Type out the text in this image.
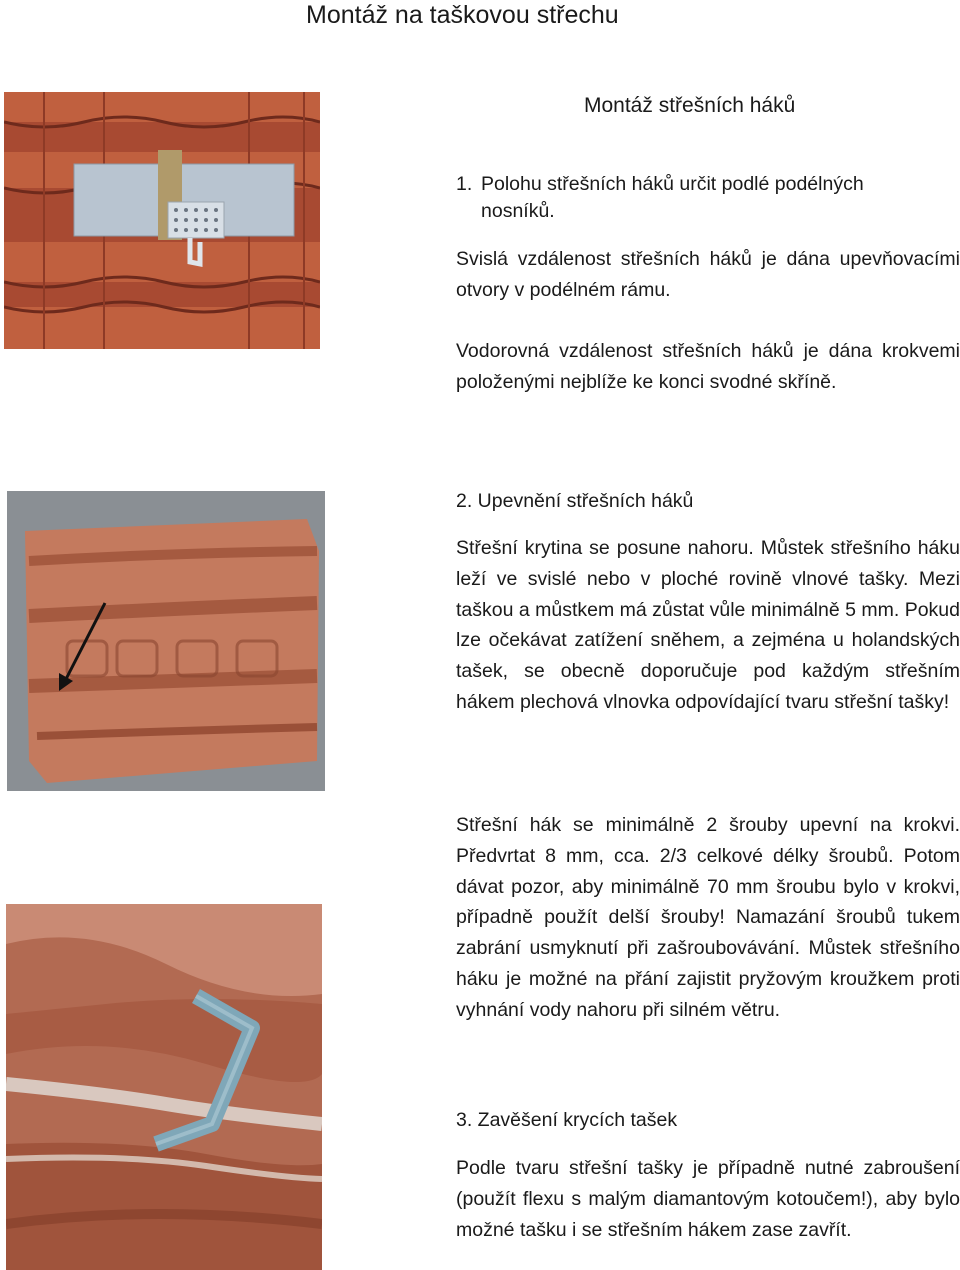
Montáž na taškovou střechu
Montáž střešních háků
1. Polohu střešních háků určit podlé podélných
nosníků.

Svislá vzdálenost střešních háků je dána upevňovacími otvory v podélném rámu.

Vodorovná vzdálenost střešních háků je dána krokvemi položenými nejblíže ke konci svodné skříně.

2. Upevnění střešních háků

Střešní krytina se posune nahoru. Můstek střešního háku leží ve svislé nebo v ploché rovině vlnové tašky. Mezi taškou a můstkem má zůstat vůle minimálně 5 mm. Pokud lze očekávat zatížení sněhem, a zejména u holandských tašek, se obecně doporučuje pod každým střešním hákem plechová vlnovka odpovídající tvaru střešní tašky!

Střešní hák se minimálně 2 šrouby upevní na krokvi. Předvrtat 8 mm, cca. 2/3 celkové délky šroubů. Potom dávat pozor, aby minimálně 70 mm šroubu bylo v krokvi, případně použít delší šrouby! Namazání šroubů tukem zabrání usmyknutí při zašroubovávání. Můstek střešního háku je možné na přání zajistit pryžovým kroužkem proti vyhnání vody nahoru při silném větru.

3. Zavěšení krycích tašek

Podle tvaru střešní tašky je případně nutné zabroušení (použít flexu s malým diamantovým kotoučem!), aby bylo možné tašku i se střešním hákem zase zavřít.
